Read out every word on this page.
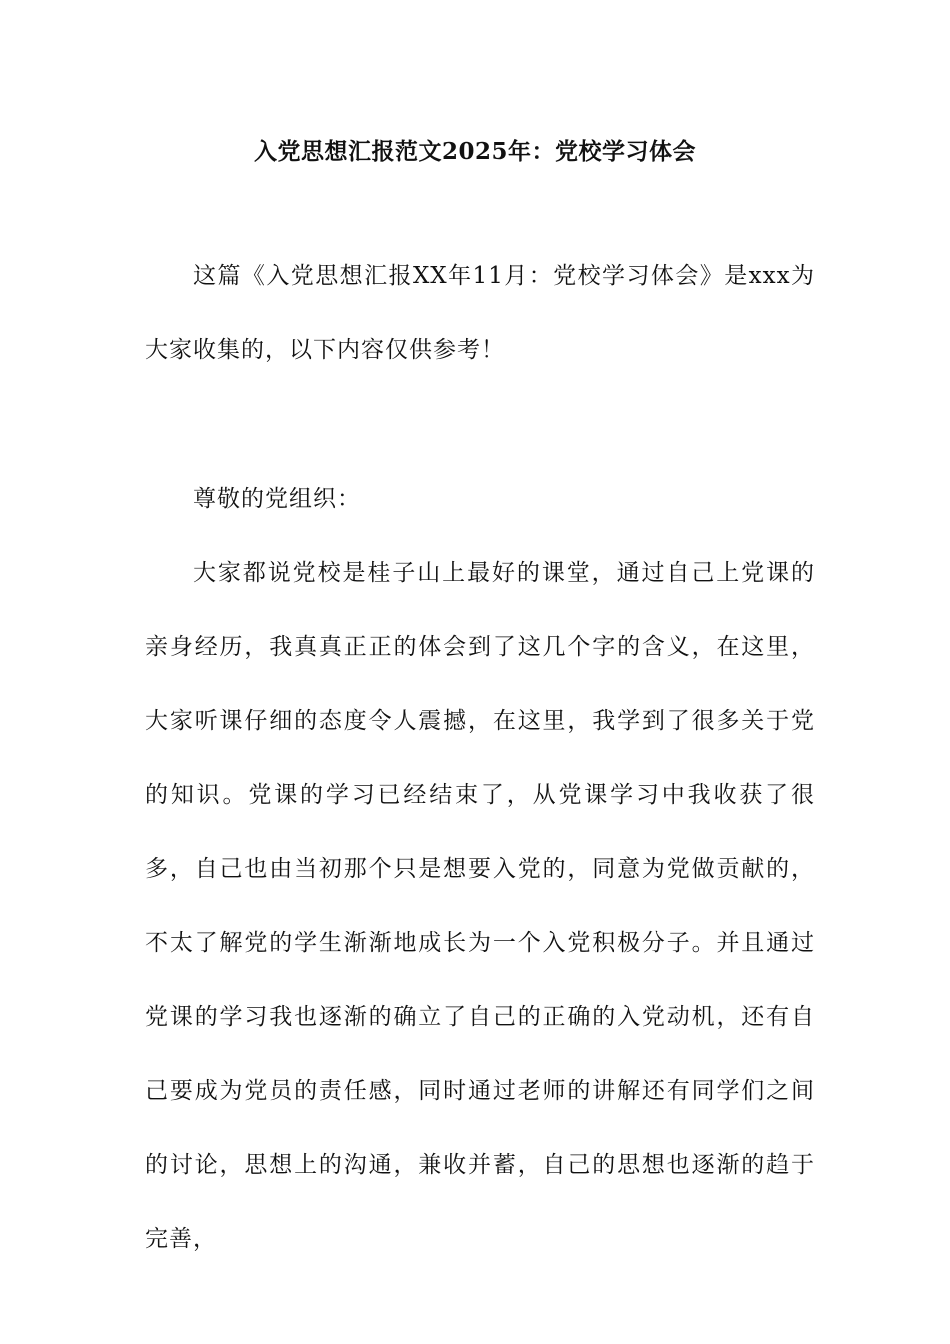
入党思想汇报范文2025年：党校学习体会

这篇《入党思想汇报XX年11月：党校学习体会》是xxx为大家收集的，以下内容仅供参考！

尊敬的党组织：

大家都说党校是桂子山上最好的课堂，通过自己上党课的亲身经历，我真真正正的体会到了这几个字的含义，在这里，大家听课仔细的态度令人震撼，在这里，我学到了很多关于党的知识。党课的学习已经结束了，从党课学习中我收获了很多，自己也由当初那个只是想要入党的，同意为党做贡献的，不太了解党的学生渐渐地成长为一个入党积极分子。并且通过党课的学习我也逐渐的确立了自己的正确的入党动机，还有自己要成为党员的责任感，同时通过老师的讲解还有同学们之间的讨论，思想上的沟通，兼收并蓄，自己的思想也逐渐的趋于完善，
